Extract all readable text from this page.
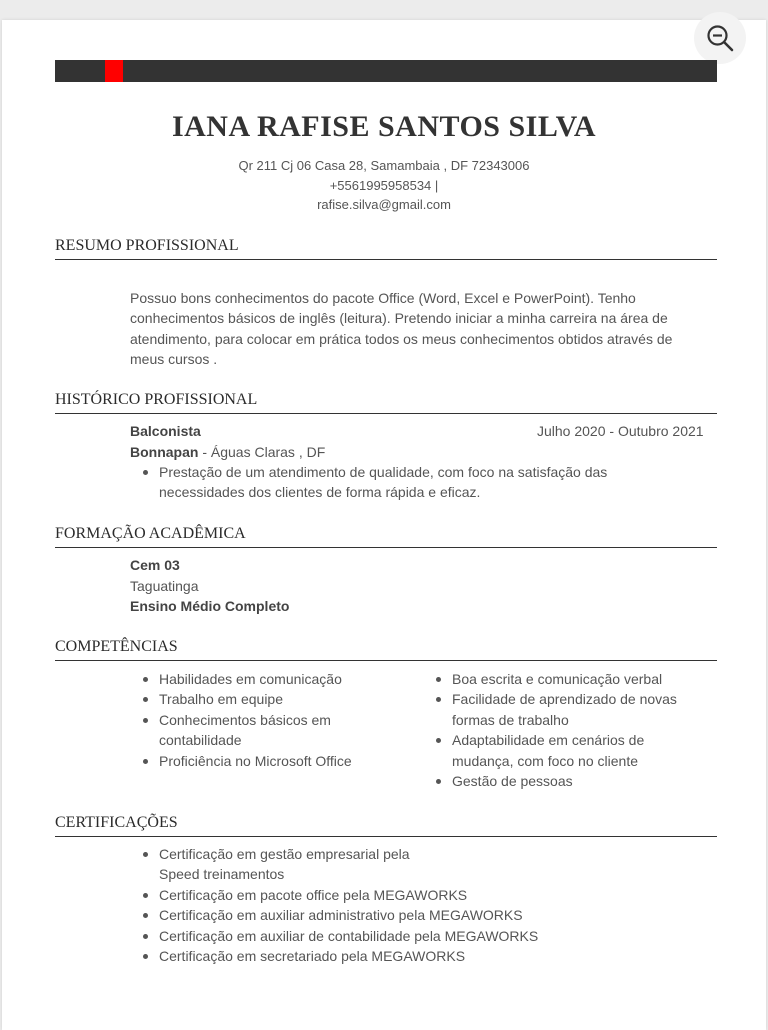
IANA RAFISE SANTOS SILVA
Qr 211 Cj 06 Casa 28, Samambaia , DF 72343006
+5561995958534 |
rafise.silva@gmail.com
RESUMO PROFISSIONAL
Possuo bons conhecimentos do pacote Office (Word, Excel e PowerPoint). Tenho
conhecimentos básicos de inglês (leitura). Pretendo iniciar a minha carreira na área de
atendimento, para colocar em prática todos os meus conhecimentos obtidos através de
meus cursos .
HISTÓRICO PROFISSIONAL
Balconista	Julho 2020 - Outubro 2021
Bonnapan - Águas Claras , DF
Prestação de um atendimento de qualidade, com foco na satisfação das
necessidades dos clientes de forma rápida e eficaz.
FORMAÇÃO ACADÊMICA
Cem 03
Taguatinga
Ensino Médio Completo
COMPETÊNCIAS
Habilidades em comunicação
Trabalho em equipe
Conhecimentos básicos em
contabilidade
Proficiência no Microsoft Office
Boa escrita e comunicação verbal
Facilidade de aprendizado de novas
formas de trabalho
Adaptabilidade em cenários de
mudança, com foco no cliente
Gestão de pessoas
CERTIFICAÇÕES
Certificação em gestão empresarial pela
Speed treinamentos
Certificação em pacote office pela MEGAWORKS
Certificação em auxiliar administrativo pela MEGAWORKS
Certificação em auxiliar de contabilidade pela MEGAWORKS
Certificação em secretariado pela MEGAWORKS
